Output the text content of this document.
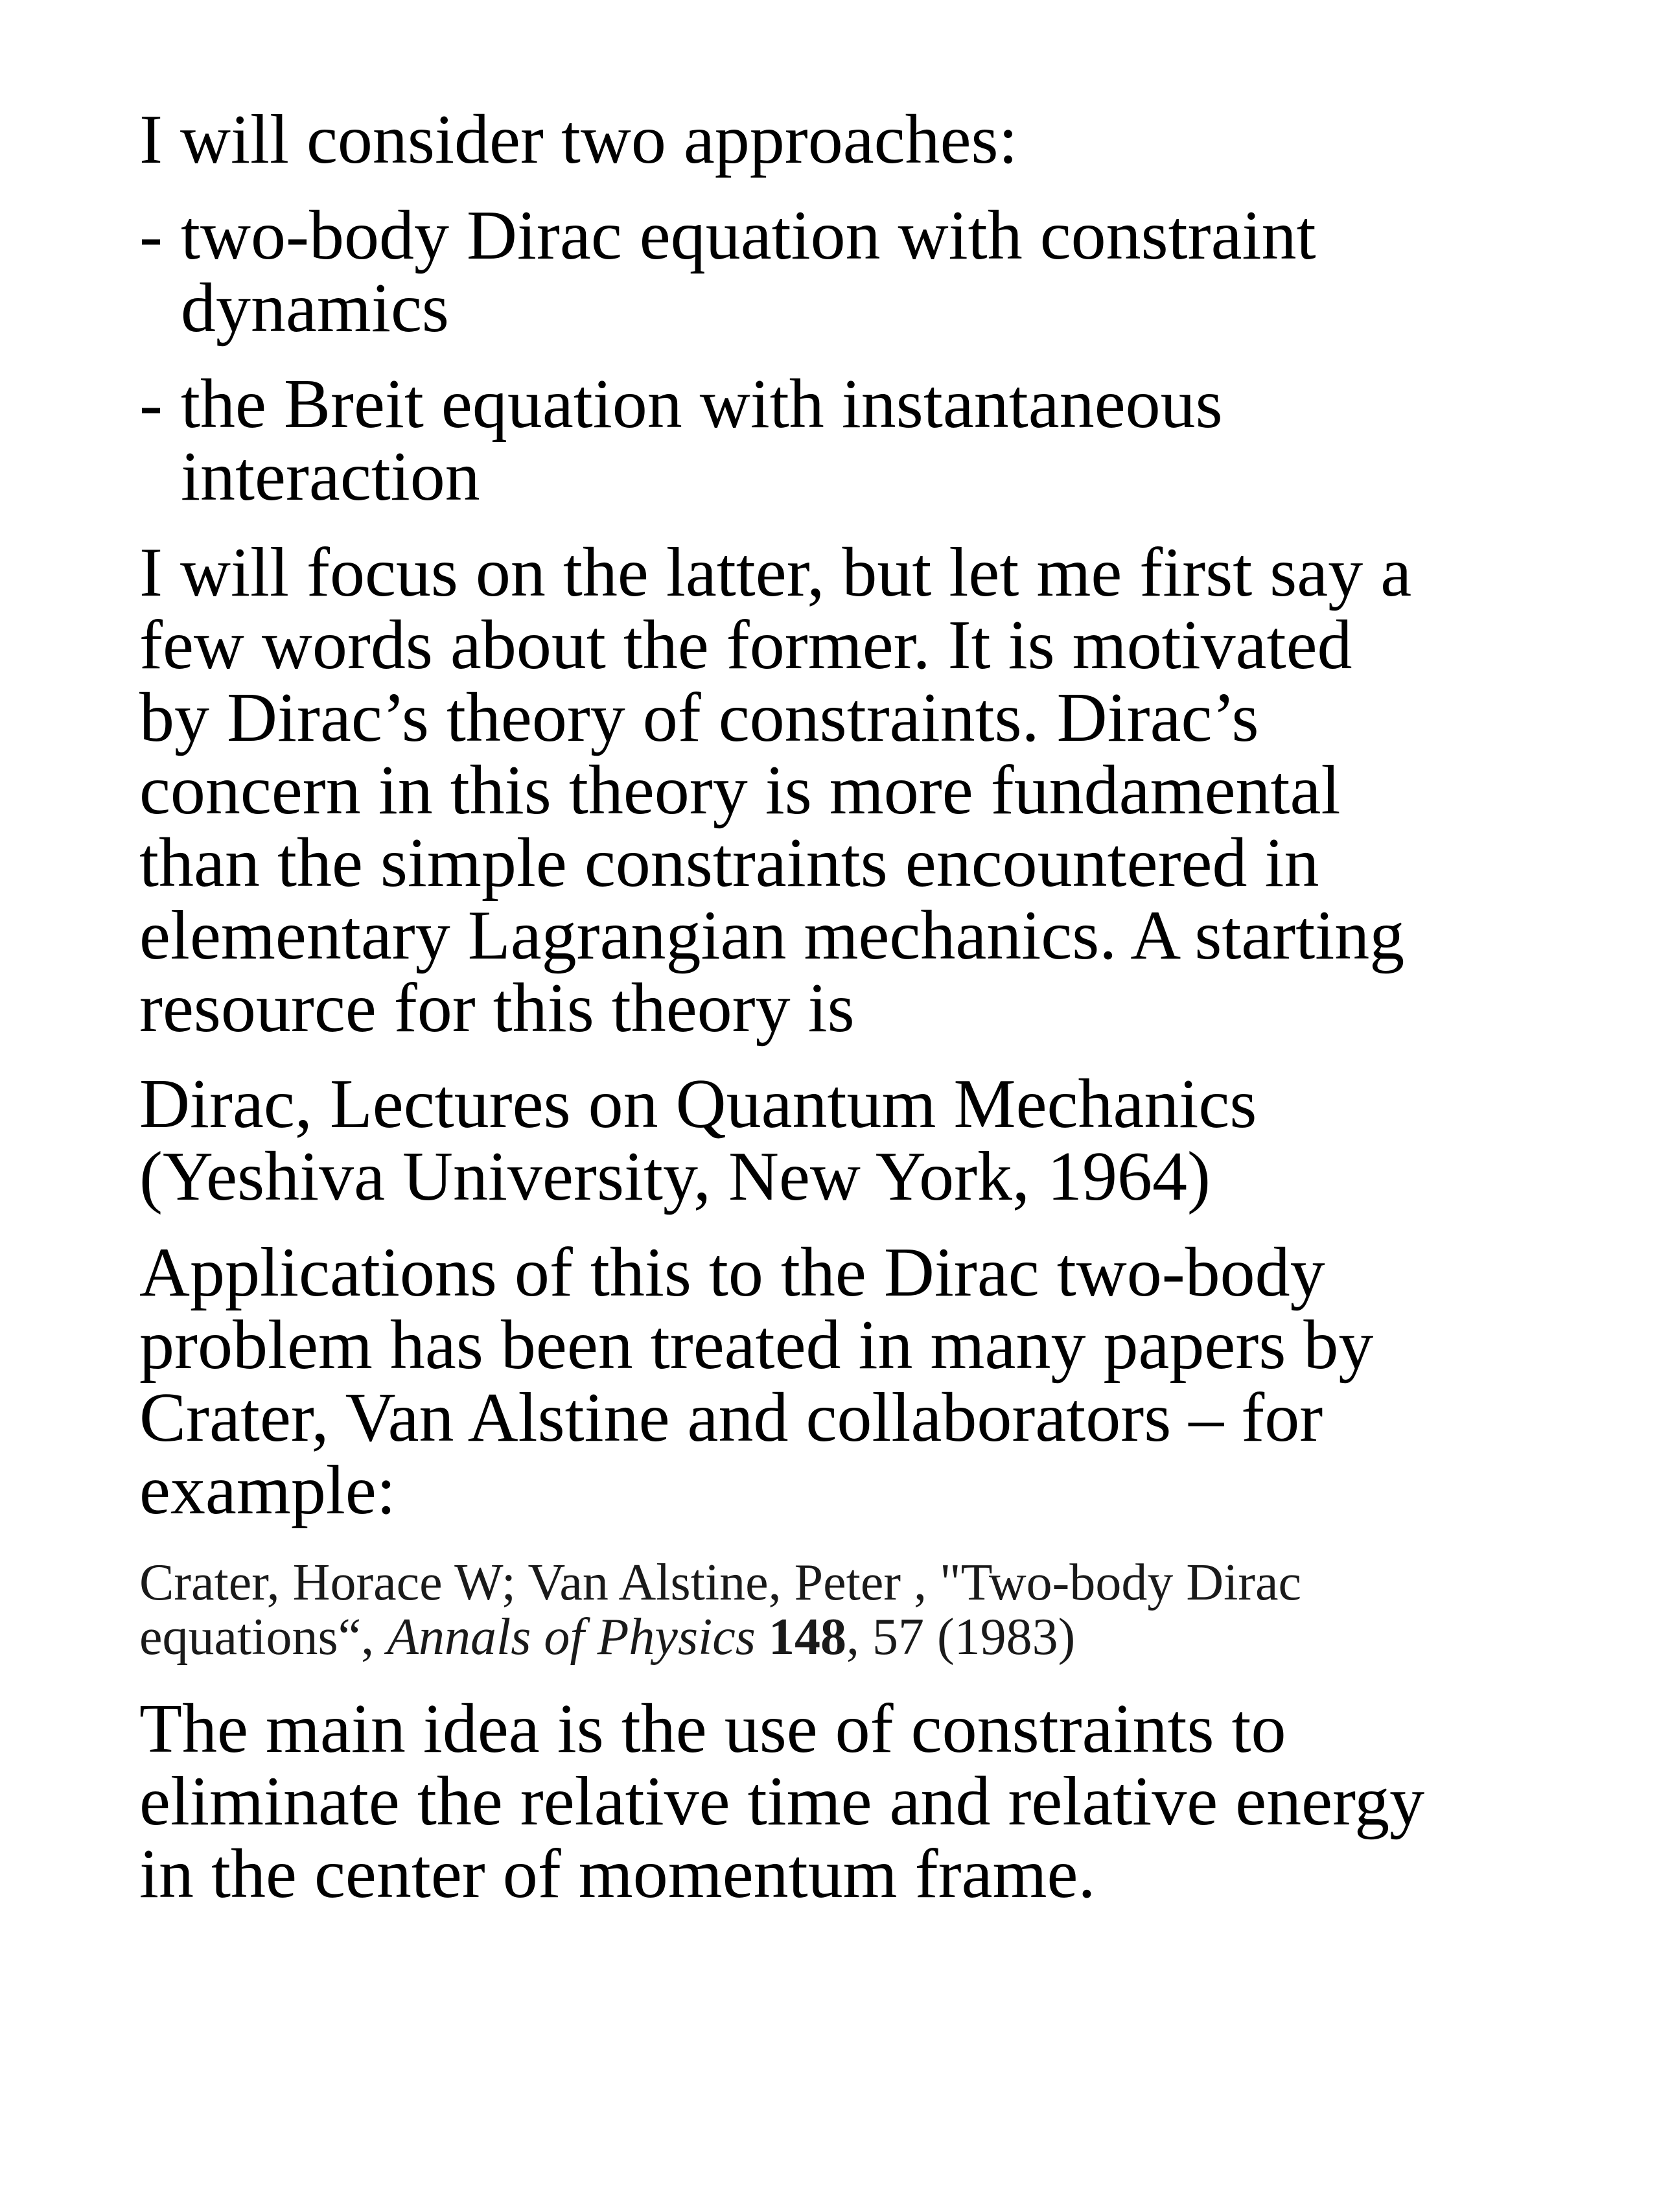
I will consider two approaches:

- two-body Dirac equation with constraint
dynamics
- the Breit equation with instantaneous
interaction

I will focus on the latter, but let me first say a
few words about the former. It is motivated
by Dirac’s theory of constraints. Dirac’s
concern in this theory is more fundamental
than the simple constraints encountered in
elementary Lagrangian mechanics. A starting
resource for this theory is

Dirac, Lectures on Quantum Mechanics
(Yeshiva University, New York, 1964)

Applications of this to the Dirac two-body
problem has been treated in many papers by
Crater, Van Alstine and collaborators – for
example:

Crater, Horace W; Van Alstine, Peter , "Two-body Dirac
equations“, Annals of Physics 148, 57 (1983)

The main idea is the use of constraints to
eliminate the relative time and relative energy
in the center of momentum frame.
